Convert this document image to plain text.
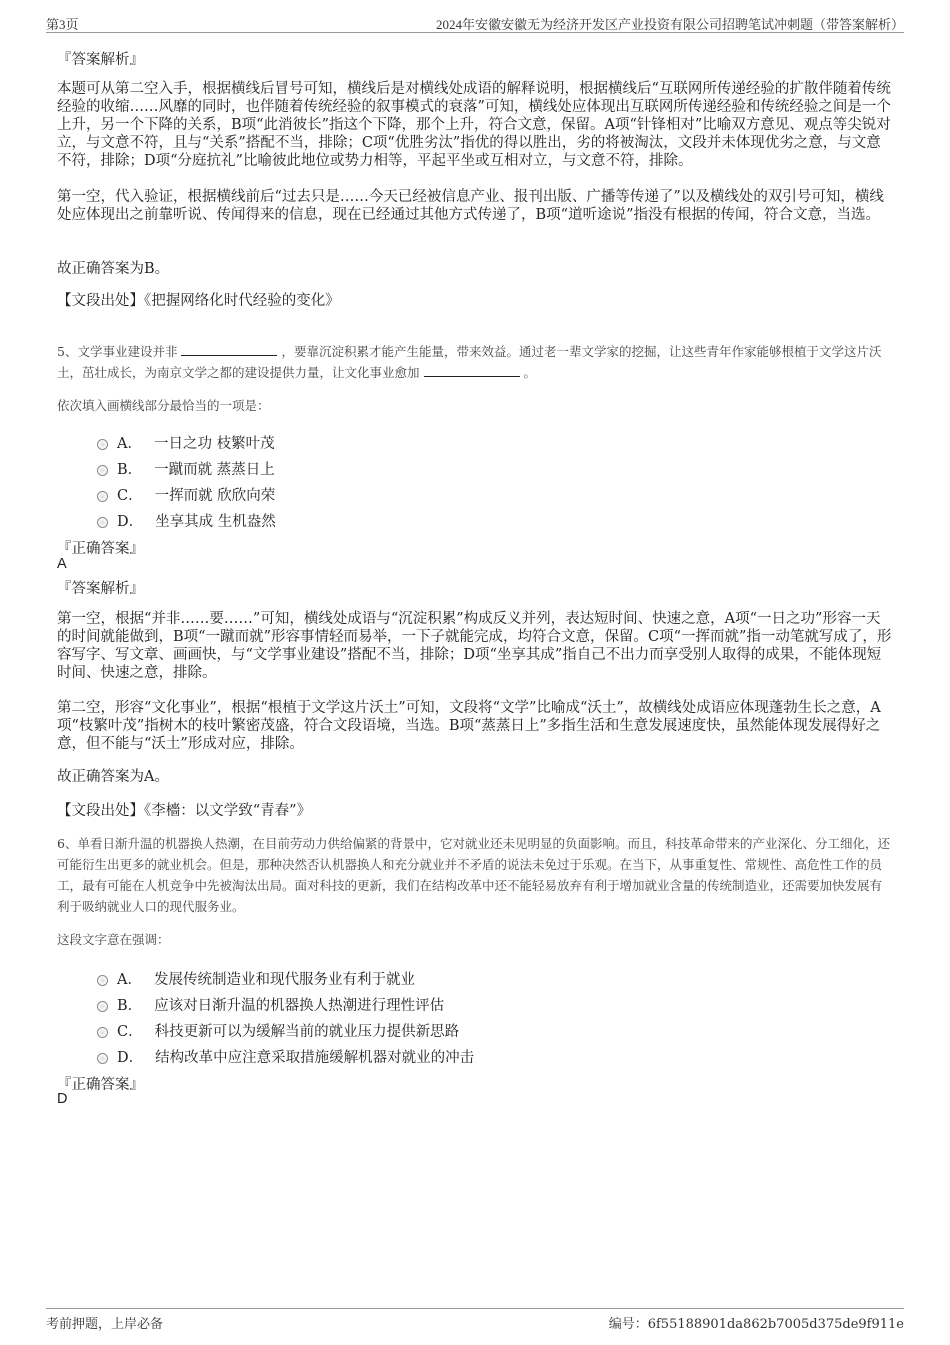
第3页	2024年安徽安徽无为经济开发区产业投资有限公司招聘笔试冲刺题（带答案解析）
『答案解析』
本题可从第二空入手，根据横线后冒号可知，横线后是对横线处成语的解释说明，根据横线后“互联网所传递经验的扩散伴随着传统经验的收缩……风靡的同时，也伴随着传统经验的叙事模式的衰落”可知，横线处应体现出互联网所传递经验和传统经验之间是一个上升，另一个下降的关系，B项“此消彼长”指这个下降，那个上升，符合文意，保留。A项“针锋相对”比喻双方意见、观点等尖锐对立，与文意不符，且与“关系”搭配不当，排除；C项“优胜劣汰”指优的得以胜出，劣的将被淘汰，文段并未体现优劣之意，与文意不符，排除；D项“分庭抗礼”比喻彼此地位或势力相等，平起平坐或互相对立，与文意不符，排除。
第一空，代入验证，根据横线前后“过去只是……今天已经被信息产业、报刊出版、广播等传递了”以及横线处的双引号可知，横线处应体现出之前靠听说、传闻得来的信息，现在已经通过其他方式传递了，B项“道听途说”指没有根据的传闻，符合文意，当选。
故正确答案为B。
【文段出处】《把握网络化时代经验的变化》
5、文学事业建设并非	，要靠沉淀积累才能产生能量，带来效益。通过老一辈文学家的挖掘，让这些青年作家能够根植于文学这片沃土，茁壮成长，为南京文学之都的建设提供力量，让文化事业愈加	。
依次填入画横线部分最恰当的一项是：
A． 一日之功 枝繁叶茂
B． 一蹴而就 蒸蒸日上
C． 一挥而就 欣欣向荣
D． 坐享其成 生机盎然
『正确答案』
A
『答案解析』
第一空，根据“并非……要……”可知，横线处成语与“沉淀积累”构成反义并列，表达短时间、快速之意，A项“一日之功”形容一天的时间就能做到，B项“一蹴而就”形容事情轻而易举，一下子就能完成，均符合文意，保留。C项“一挥而就”指一动笔就写成了，形容写字、写文章、画画快，与“文学事业建设”搭配不当，排除；D项“坐享其成”指自己不出力而享受别人取得的成果，不能体现短时间、快速之意，排除。
第二空，形容“文化事业”，根据“根植于文学这片沃土”可知，文段将“文学”比喻成“沃土”，故横线处成语应体现蓬勃生长之意，A项“枝繁叶茂”指树木的枝叶繁密茂盛，符合文段语境，当选。B项“蒸蒸日上”多指生活和生意发展速度快，虽然能体现发展得好之意，但不能与“沃土”形成对应，排除。
故正确答案为A。
【文段出处】《李檣：以文学致“青春”》
6、单看日渐升温的机器换人热潮，在目前劳动力供给偏紧的背景中，它对就业还未见明显的负面影响。而且，科技革命带来的产业深化、分工细化，还可能衍生出更多的就业机会。但是，那种决然否认机器换人和充分就业并不矛盾的说法未免过于乐观。在当下，从事重复性、常规性、高危性工作的员工，最有可能在人机竞争中先被淘汰出局。面对科技的更新，我们在结构改革中还不能轻易放弃有利于增加就业含量的传统制造业，还需要加快发展有利于吸纳就业人口的现代服务业。
这段文字意在强调：
A． 发展传统制造业和现代服务业有利于就业
B． 应该对日渐升温的机器换人热潮进行理性评估
C． 科技更新可以为缓解当前的就业压力提供新思路
D． 结构改革中应注意采取措施缓解机器对就业的冲击
『正确答案』
D
考前押题，上岸必备	编号：6f55188901da862b7005d375de9f911e
